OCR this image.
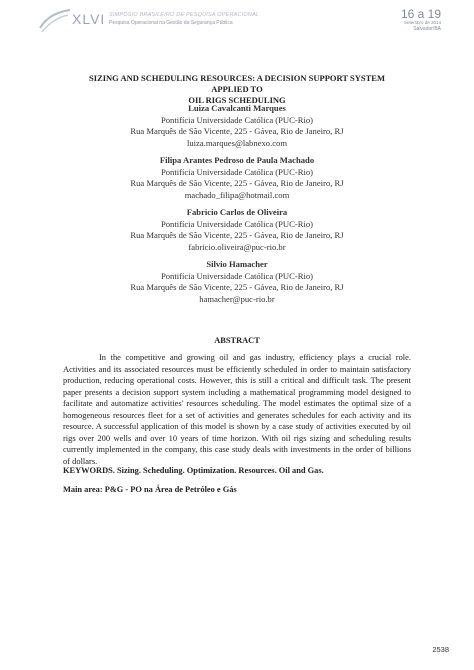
XLVI SIMPÓSIO BRASILEIRO DE PESQUISA OPERACIONAL
Pesquisa Operacional na Gestão da Segurança Pública
16 a 19
Setembro de 2014
Salvador/BA
SIZING AND SCHEDULING RESOURCES: A DECISION SUPPORT SYSTEM APPLIED TO
OIL RIGS SCHEDULING
Luiza Cavalcanti Marques
Pontifícia Universidade Católica (PUC-Rio)
Rua Marquês de São Vicente, 225 - Gávea, Rio de Janeiro, RJ
luiza.marques@labnexo.com
Filipa Arantes Pedroso de Paula Machado
Pontifícia Universidade Católica (PUC-Rio)
Rua Marquês de São Vicente, 225 - Gávea, Rio de Janeiro, RJ
machado_filipa@hotmail.com
Fabricio Carlos de Oliveira
Pontifícia Universidade Católica (PUC-Rio)
Rua Marquês de São Vicente, 225 - Gávea, Rio de Janeiro, RJ
fabricio.oliveira@puc-rio.br
Silvio Hamacher
Pontifícia Universidade Católica (PUC-Rio)
Rua Marquês de São Vicente, 225 - Gávea, Rio de Janeiro, RJ
hamacher@puc-rio.br
ABSTRACT

In the competitive and growing oil and gas industry, efficiency plays a crucial role. Activities and its associated resources must be efficiently scheduled in order to maintain satisfactory production, reducing operational costs. However, this is still a critical and difficult task. The present paper presents a decision support system including a mathematical programming model designed to facilitate and automatize activities' resources scheduling. The model estimates the optimal size of a homogeneous resources fleet for a set of activities and generates schedules for each activity and its resource. A successful application of this model is shown by a case study of activities executed by oil rigs over 200 wells and over 10 years of time horizon. With oil rigs sizing and scheduling results currently implemented in the company, this case study deals with investments in the order of billions of dollars.

KEYWORDS. Sizing. Scheduling. Optimization. Resources. Oil and Gas.

Main area: P&G - PO na Área de Petróleo e Gás

2538
